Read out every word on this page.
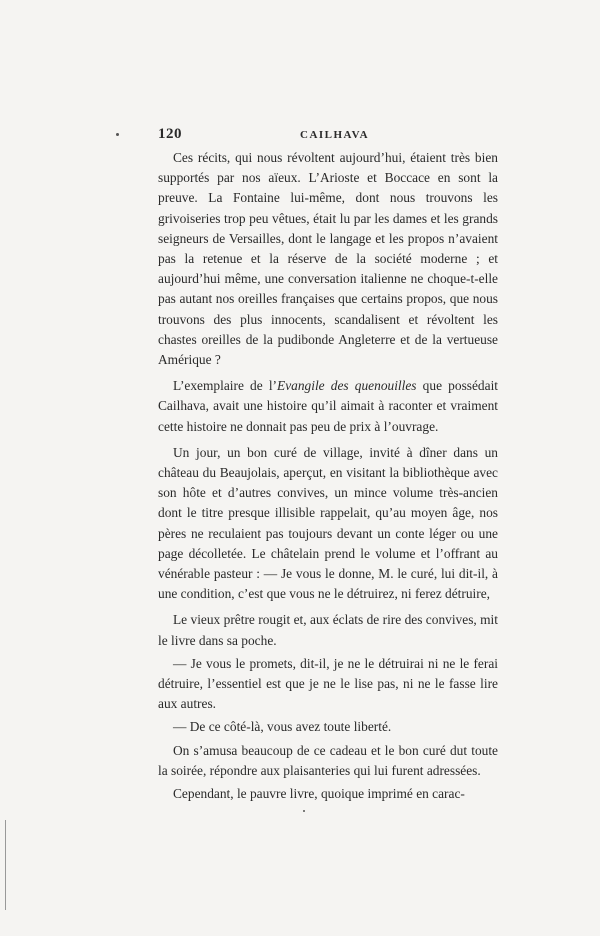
120	CAILHAVA

Ces récits, qui nous révoltent aujourd’hui, étaient très bien supportés par nos aïeux. L’Arioste et Boccace en sont la preuve. La Fontaine lui-même, dont nous trouvons les grivoiseries trop peu vêtues, était lu par les dames et les grands seigneurs de Versailles, dont le langage et les propos n’avaient pas la retenue et la réserve de la société moderne ; et aujourd’hui même, une conversation italienne ne choque-t-elle pas autant nos oreilles françaises que certains propos, que nous trouvons des plus innocents, scandalisent et révoltent les chastes oreilles de la pudibonde Angleterre et de la vertueuse Amérique ?

L’exemplaire de l’Evangile des quenouilles que possédait Cailhava, avait une histoire qu’il aimait à raconter et vraiment cette histoire ne donnait pas peu de prix à l’ouvrage.

Un jour, un bon curé de village, invité à dîner dans un château du Beaujolais, aperçut, en visitant la bibliothèque avec son hôte et d’autres convives, un mince volume très-ancien dont le titre presque illisible rappelait, qu’au moyen âge, nos pères ne reculaient pas toujours devant un conte léger ou une page décolletée. Le châtelain prend le volume et l’offrant au vénérable pasteur : — Je vous le donne, M. le curé, lui dit-il, à une condition, c’est que vous ne le détruirez, ni ferez détruire,

Le vieux prêtre rougit et, aux éclats de rire des convives, mit le livre dans sa poche.

— Je vous le promets, dit-il, je ne le détruirai ni ne le ferai détruire, l’essentiel est que je ne le lise pas, ni ne le fasse lire aux autres.

— De ce côté-là, vous avez toute liberté.

On s’amusa beaucoup de ce cadeau et le bon curé dut toute la soirée, répondre aux plaisanteries qui lui furent adressées.

Cependant, le pauvre livre, quoique imprimé en carac-
